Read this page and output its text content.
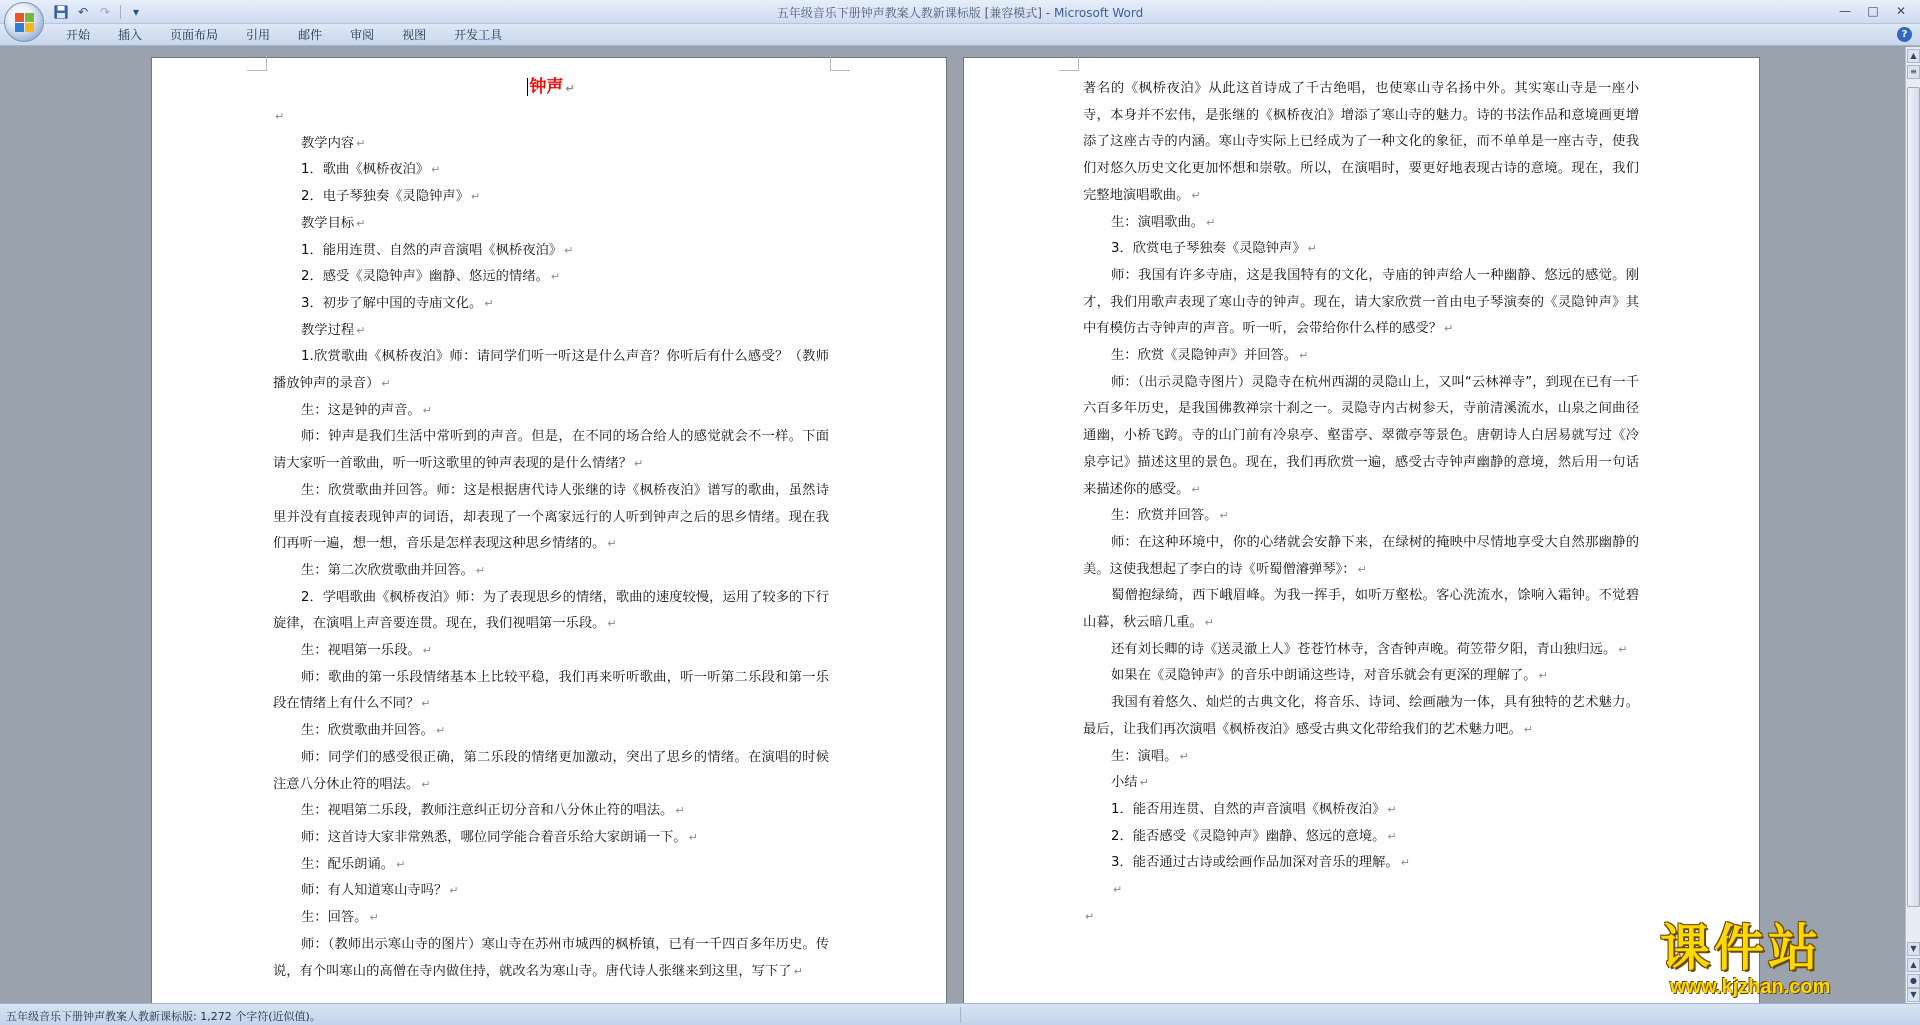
↶ ↷	▾	五年级音乐下册钟声教案人教新课标版 [兼容模式] - Microsoft Word	—	□	✕
开始	插入	页面布局	引用	邮件	审阅	视图	开发工具	?
钟声 ↵
↵
教学内容 ↵
1．歌曲《枫桥夜泊》 ↵
2．电子琴独奏《灵隐钟声》 ↵
教学目标 ↵
1．能用连贯、自然的声音演唱《枫桥夜泊》 ↵
2．感受《灵隐钟声》幽静、悠远的情绪。 ↵
3．初步了解中国的寺庙文化。 ↵
教学过程 ↵
1.欣赏歌曲《枫桥夜泊》师：请同学们听一听这是什么声音？你听后有什么感受？（教师播放钟声的录音） ↵
生：这是钟的声音。 ↵
师：钟声是我们生活中常听到的声音。但是，在不同的场合给人的感觉就会不一样。下面请大家听一首歌曲，听一听这歌里的钟声表现的是什么情绪？ ↵
生：欣赏歌曲并回答。师：这是根据唐代诗人张继的诗《枫桥夜泊》谱写的歌曲，虽然诗里并没有直接表现钟声的词语，却表现了一个离家远行的人听到钟声之后的思乡情绪。现在我们再听一遍，想一想，音乐是怎样表现这种思乡情绪的。 ↵
生：第二次欣赏歌曲并回答。 ↵
2．学唱歌曲《枫桥夜泊》师：为了表现思乡的情绪，歌曲的速度较慢，运用了较多的下行旋律，在演唱上声音要连贯。现在，我们视唱第一乐段。 ↵
生：视唱第一乐段。 ↵
师：歌曲的第一乐段情绪基本上比较平稳，我们再来听听歌曲，听一听第二乐段和第一乐段在情绪上有什么不同？ ↵
生：欣赏歌曲并回答。 ↵
师：同学们的感受很正确，第二乐段的情绪更加激动，突出了思乡的情绪。在演唱的时候注意八分休止符的唱法。 ↵
生：视唱第二乐段，教师注意纠正切分音和八分休止符的唱法。 ↵
师：这首诗大家非常熟悉，哪位同学能合着音乐给大家朗诵一下。 ↵
生：配乐朗诵。 ↵
师：有人知道寒山寺吗？ ↵
生：回答。 ↵
师：（教师出示寒山寺的图片）寒山寺在苏州市城西的枫桥镇，已有一千四百多年历史。传说，有个叫寒山的高僧在寺内做住持，就改名为寒山寺。唐代诗人张继来到这里，写下了 ↵
著名的《枫桥夜泊》从此这首诗成了千古绝唱，也使寒山寺名扬中外。其实寒山寺是一座小寺，本身并不宏伟，是张继的《枫桥夜泊》增添了寒山寺的魅力。诗的书法作品和意境画更增添了这座古寺的内涵。寒山寺实际上已经成为了一种文化的象征，而不单单是一座古寺，使我们对悠久历史文化更加怀想和崇敬。所以，在演唱时，要更好地表现古诗的意境。现在，我们完整地演唱歌曲。 ↵
生：演唱歌曲。 ↵
3．欣赏电子琴独奏《灵隐钟声》 ↵
师：我国有许多寺庙，这是我国特有的文化，寺庙的钟声给人一种幽静、悠远的感觉。刚才，我们用歌声表现了寒山寺的钟声。现在，请大家欣赏一首由电子琴演奏的《灵隐钟声》其中有模仿古寺钟声的声音。听一听，会带给你什么样的感受？ ↵
生：欣赏《灵隐钟声》并回答。 ↵
师：（出示灵隐寺图片）灵隐寺在杭州西湖的灵隐山上，又叫“云林禅寺”，到现在已有一千六百多年历史，是我国佛教禅宗十刹之一。灵隐寺内古树参天，寺前清溪流水，山泉之间曲径通幽，小桥飞跨。寺的山门前有冷泉亭、壑雷亭、翠微亭等景色。唐朝诗人白居易就写过《冷泉亭记》描述这里的景色。现在，我们再欣赏一遍，感受古寺钟声幽静的意境，然后用一句话来描述你的感受。 ↵
生：欣赏并回答。 ↵
师：在这种环境中，你的心绪就会安静下来，在绿树的掩映中尽情地享受大自然那幽静的美。这使我想起了李白的诗《听蜀僧濬弹琴》： ↵
蜀僧抱绿绮，西下峨眉峰。为我一挥手，如听万壑松。客心洗流水，馀响入霜钟。不觉碧山暮，秋云暗几重。 ↵
还有刘长卿的诗《送灵澈上人》苍苍竹林寺，含杳钟声晚。荷笠带夕阳，青山独归远。 ↵
如果在《灵隐钟声》的音乐中朗诵这些诗，对音乐就会有更深的理解了。 ↵
我国有着悠久、灿烂的古典文化，将音乐、诗词、绘画融为一体，具有独特的艺术魅力。最后，让我们再次演唱《枫桥夜泊》感受古典文化带给我们的艺术魅力吧。 ↵
生：演唱。 ↵
小结 ↵
1．能否用连贯、自然的声音演唱《枫桥夜泊》 ↵
2．能否感受《灵隐钟声》幽静、悠远的意境。 ↵
3．能否通过古诗或绘画作品加深对音乐的理解。 ↵
↵
↵
▲
≡
▼
▲
●
▼
五年级音乐下册钟声教案人教新课标版: 1,272 个字符(近似值)。
课件站
www.kjzhan.com
